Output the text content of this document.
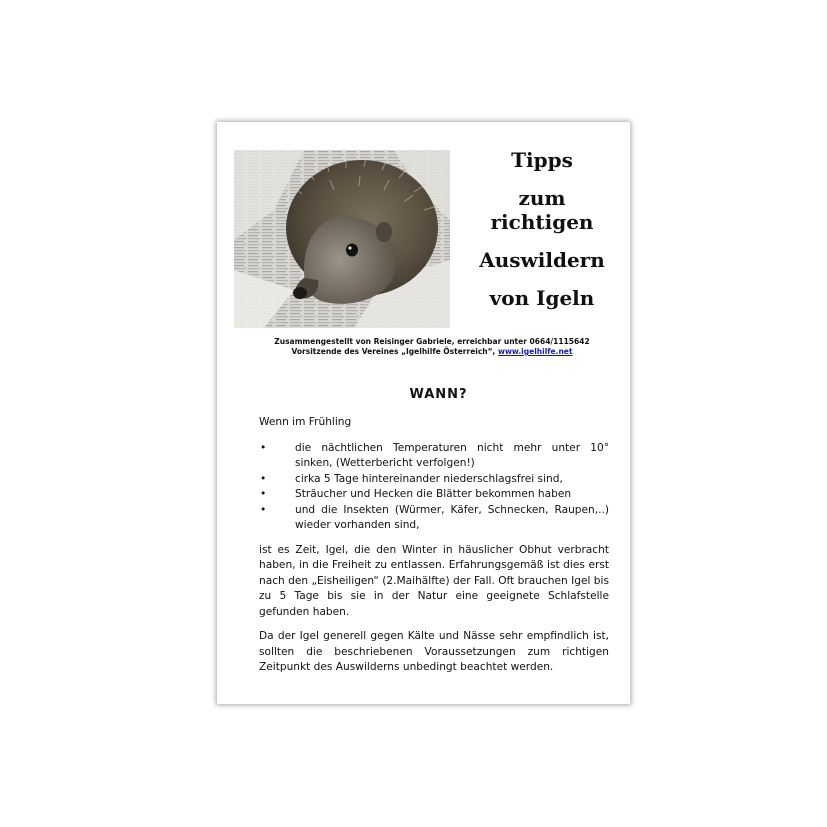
Tipps
zum
richtigen
Auswildern
von Igeln
Zusammengestellt von Reisinger Gabriele, erreichbar unter 0664/1115642
Vorsitzende des Vereines „Igelhilfe Österreich“, www.igelhilfe.net
WANN?
Wenn im Frühling
•	die nächtlichen Temperaturen nicht mehr unter 10° sinken, (Wetterbericht verfolgen!)
•	cirka 5 Tage hintereinander niederschlagsfrei sind,
•	Sträucher und Hecken die Blätter bekommen haben
•	und die Insekten (Würmer, Käfer, Schnecken, Raupen,..) wieder vorhanden sind,

ist es Zeit, Igel, die den Winter in häuslicher Obhut verbracht haben, in die Freiheit zu entlassen. Erfahrungsgemäß ist dies erst nach den „Eisheiligen“ (2.Maihälfte) der Fall. Oft brauchen Igel bis zu 5 Tage bis sie in der Natur eine geeignete Schlafstelle gefunden haben.

Da der Igel generell gegen Kälte und Nässe sehr empfindlich ist, sollten die beschriebenen Voraussetzungen zum richtigen Zeitpunkt des Auswilderns unbedingt beachtet werden.
